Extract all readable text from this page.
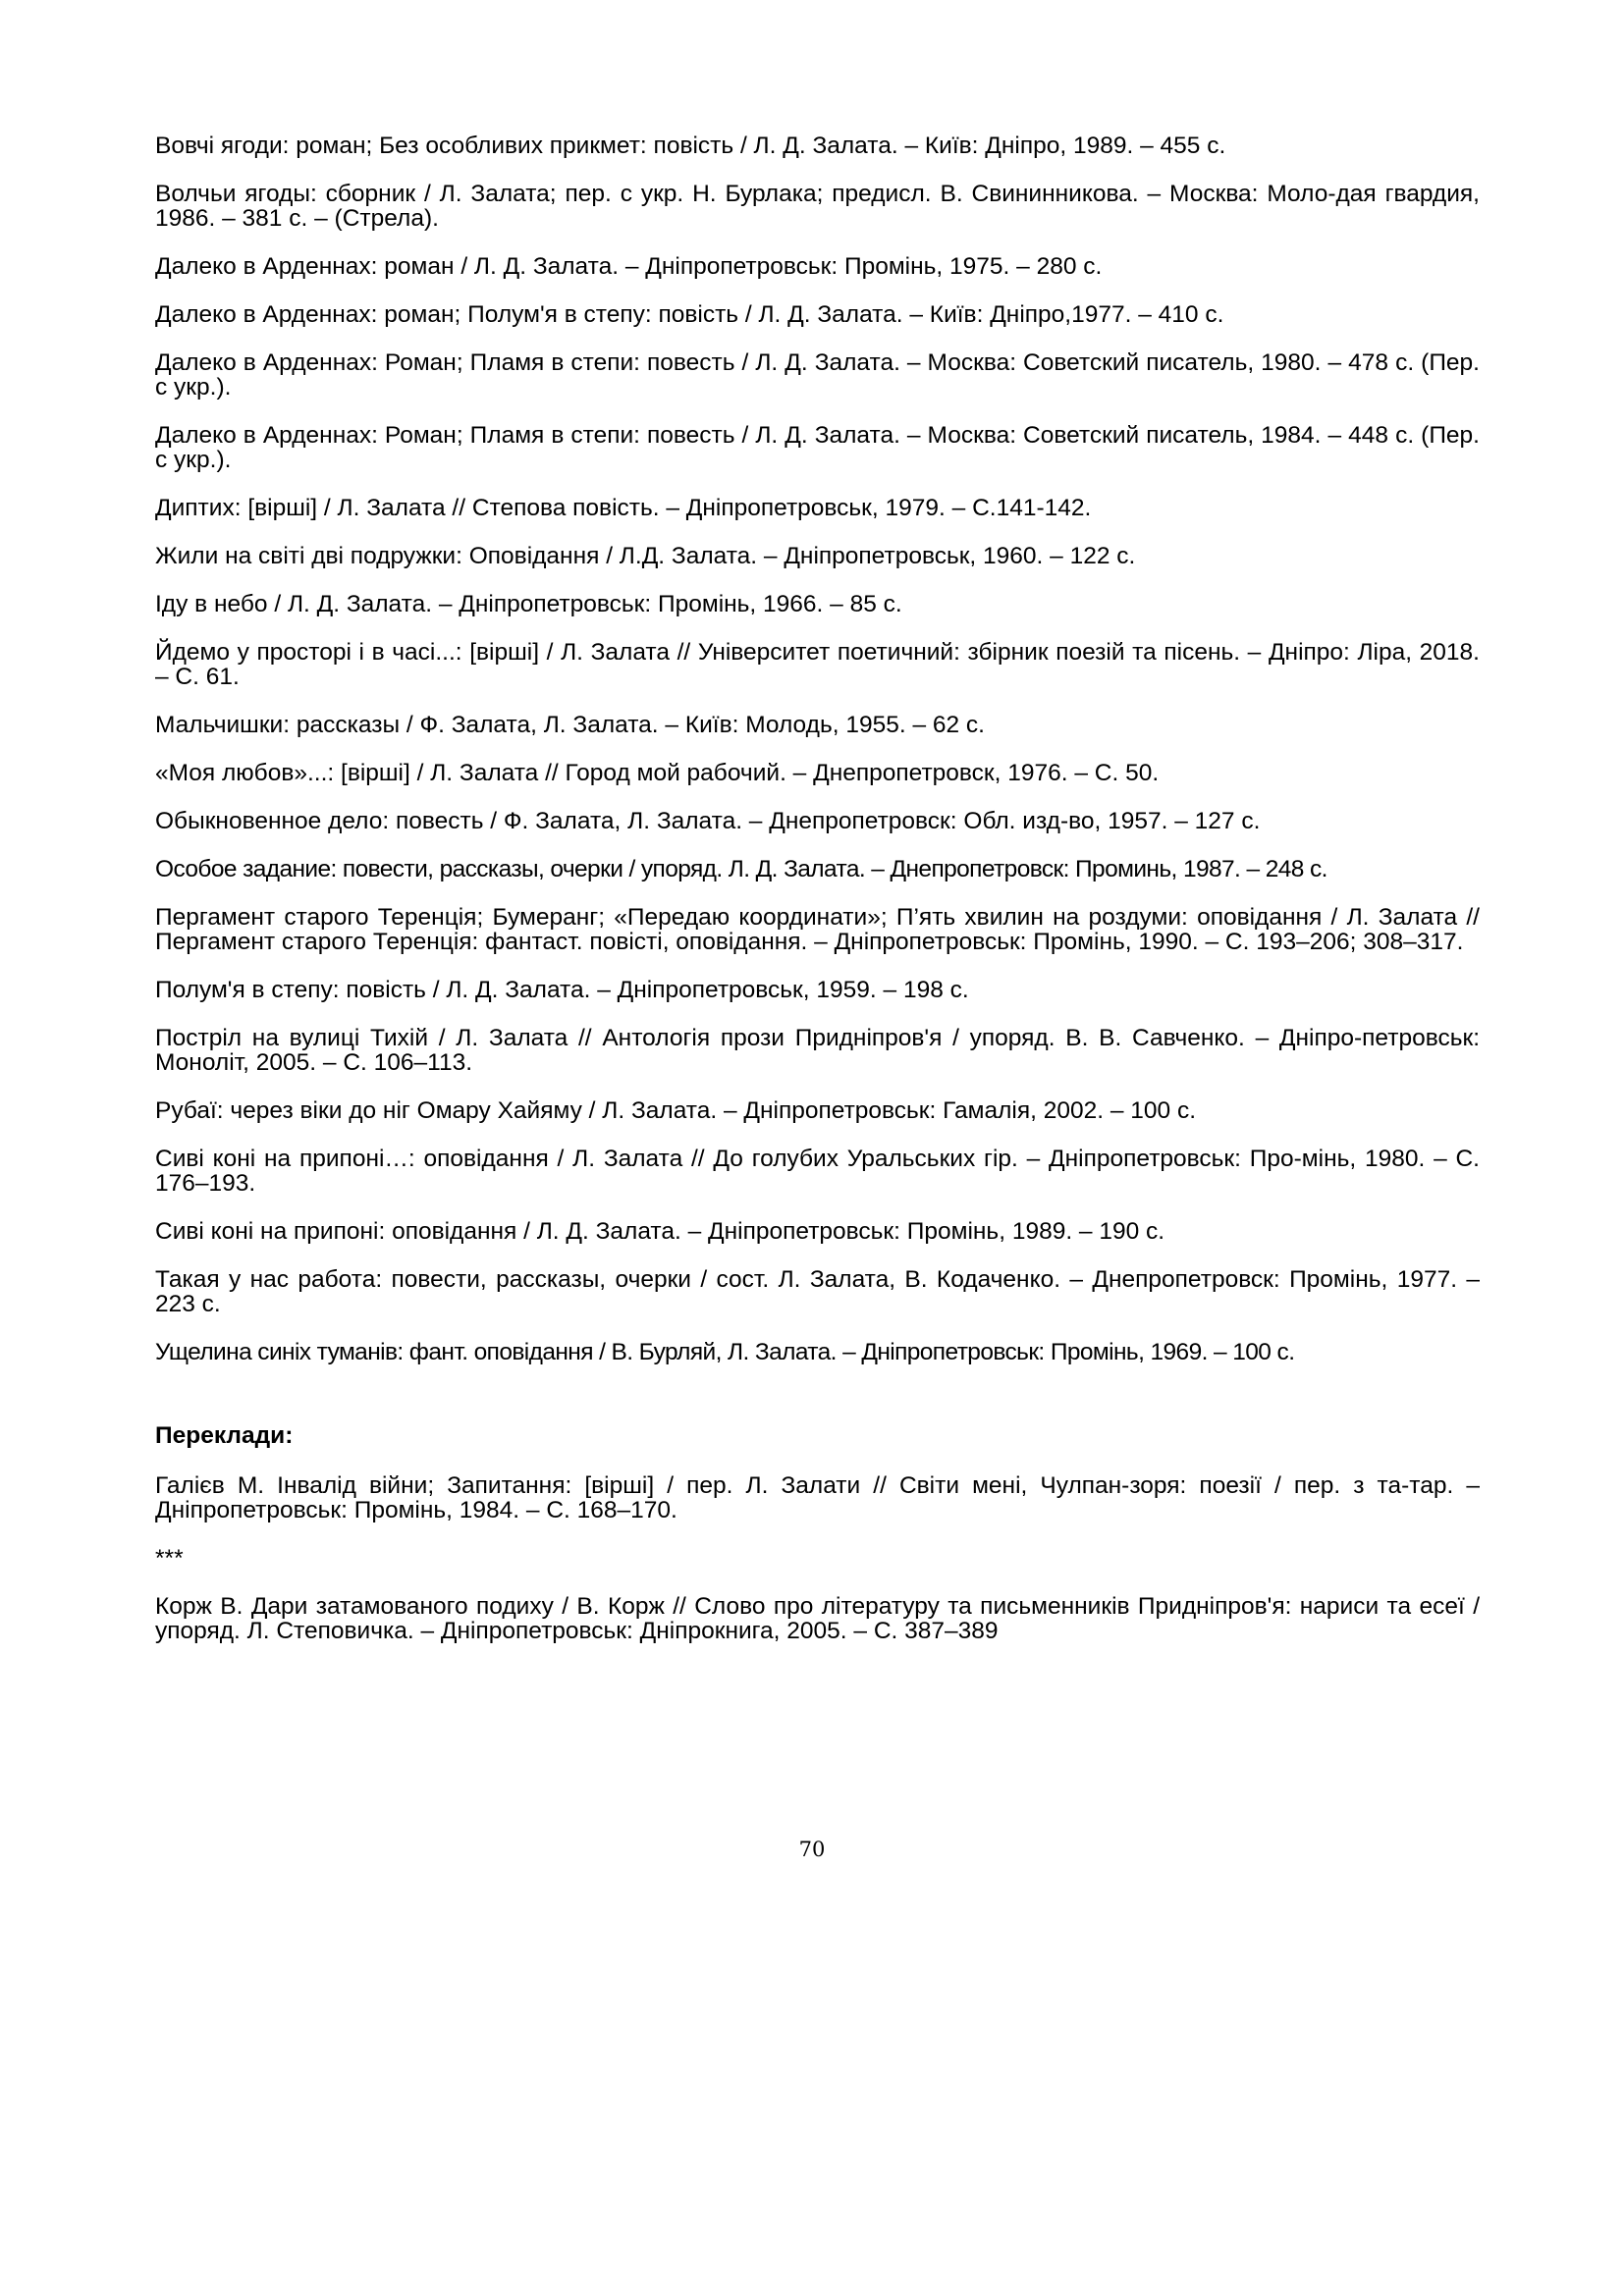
Вовчі ягоди: роман; Без особливих прикмет: повість / Л. Д. Залата. – Київ: Дніпро, 1989. – 455 с.
Волчьи ягоды: сборник / Л. Залата; пер. с укр. Н. Бурлака; предисл. В. Свининникова. – Москва: Моло-дая гвардия, 1986. – 381 с. – (Стрела).
Далеко в Арденнах: роман / Л. Д. Залата. – Дніпропетровськ: Промінь, 1975. – 280 с.
Далеко в Арденнах: роман; Полум'я в степу: повість / Л. Д. Залата. – Київ: Дніпро,1977. – 410 с.
Далеко в Арденнах: Роман; Пламя в степи: повесть / Л. Д. Залата. – Москва: Советский писатель, 1980. – 478 с. (Пер. с укр.).
Далеко в Арденнах: Роман; Пламя в степи: повесть / Л. Д. Залата. – Москва: Советский писатель, 1984. – 448 с. (Пер. с укр.).
Диптих: [вірші] / Л. Залата // Степова повість. – Дніпропетровськ, 1979. – С.141-142.
Жили на світі дві подружки: Оповідання / Л.Д. Залата. – Дніпропетровськ, 1960. – 122 с.
Іду в небо / Л. Д. Залата. – Дніпропетровськ: Промінь, 1966. – 85 с.
Йдемо у просторі і в часі...: [вірші] / Л. Залата // Університет поетичний: збірник поезій та пісень. – Дніпро: Ліра, 2018. – С. 61.
Мальчишки: рассказы / Ф. Залата, Л. Залата. – Київ: Молодь, 1955. – 62 с.
«Моя любов»...: [вірші] / Л. Залата // Город мой рабочий. – Днепропетровск, 1976. – С. 50.
Обыкновенное дело: повесть / Ф. Залата, Л. Залата. – Днепропетровск: Обл. изд-во, 1957. – 127 с.
Особое задание: повести, рассказы, очерки / упоряд. Л. Д. Залата. – Днепропетровск: Проминь, 1987. – 248 с.
Пергамент старого Теренція; Бумеранг; «Передаю координати»; П’ять хвилин на роздуми: оповідання / Л. Залата // Пергамент старого Теренція: фантаст. повісті, оповідання. – Дніпропетровськ: Промінь, 1990. – С. 193–206; 308–317.
Полум'я в степу: повість / Л. Д. Залата. – Дніпропетровськ, 1959. – 198 с.
Постріл на вулиці Тихій / Л. Залата // Антологія прози Придніпров'я / упоряд. В. В. Савченко. – Дніпро-петровськ: Моноліт, 2005. – С. 106–113.
Рубаї: через віки до ніг Омару Хайяму / Л. Залата. – Дніпропетровськ: Гамалія, 2002. – 100 с.
Сиві коні на припоні…: оповідання / Л. Залата // До голубих Уральських гір. – Дніпропетровськ: Про-мінь, 1980. – С. 176–193.
Сиві коні на припоні: оповідання / Л. Д. Залата. – Дніпропетровськ: Промінь, 1989. – 190 с.
Такая у нас работа: повести, рассказы, очерки / сост. Л. Залата, В. Кодаченко. – Днепропетровск: Промінь, 1977. – 223 с.
Ущелина синіх туманів: фант. оповідання / В. Бурляй, Л. Залата. – Дніпропетровськ: Промінь, 1969. – 100 с.
Переклади:
Галієв М. Інвалід війни; Запитання: [вірші] / пер. Л. Залати // Світи мені, Чулпан-зоря: поезії / пер. з та-тар. – Дніпропетровськ: Промінь, 1984. – С. 168–170.
***
Корж В. Дари затамованого подиху / В. Корж // Слово про літературу та письменників Придніпров'я: нариси та есеї / упоряд. Л. Степовичка. – Дніпропетровськ: Дніпрокнига, 2005. – С. 387–389
70
